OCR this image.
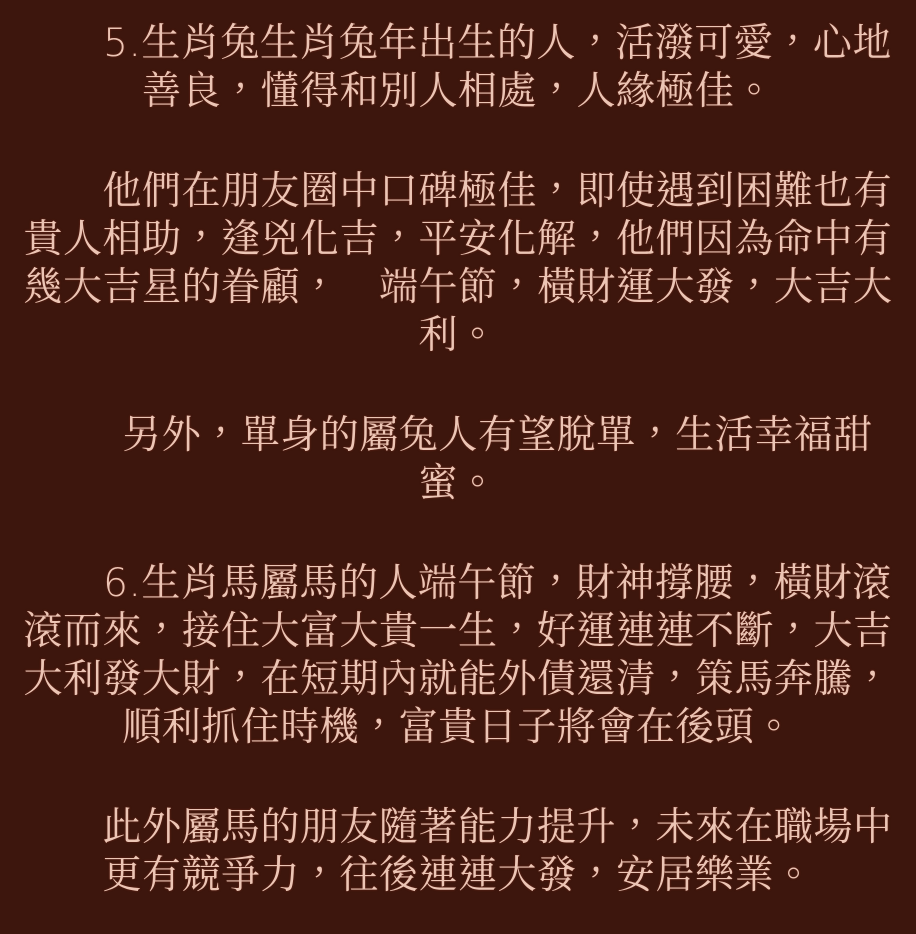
　　5.生肖兔生肖兔年出生的人，活潑可愛，心地
善良，懂得和別人相處，人緣極佳。

　　他們在朋友圈中口碑極佳，即使遇到困難也有
貴人相助，逢兇化吉，平安化解，他們因為命中有
幾大吉星的眷顧，　端午節，橫財運大發，大吉大
利。

　　另外，單身的屬兔人有望脫單，生活幸福甜
蜜。

　　6.生肖馬屬馬的人端午節，財神撐腰，橫財滾
滾而來，接住大富大貴一生，好運連連不斷，大吉
大利發大財，在短期內就能外債還清，策馬奔騰，
順利抓住時機，富貴日子將會在後頭。

　　此外屬馬的朋友隨著能力提升，未來在職場中
更有競爭力，往後連連大發，安居樂業。
